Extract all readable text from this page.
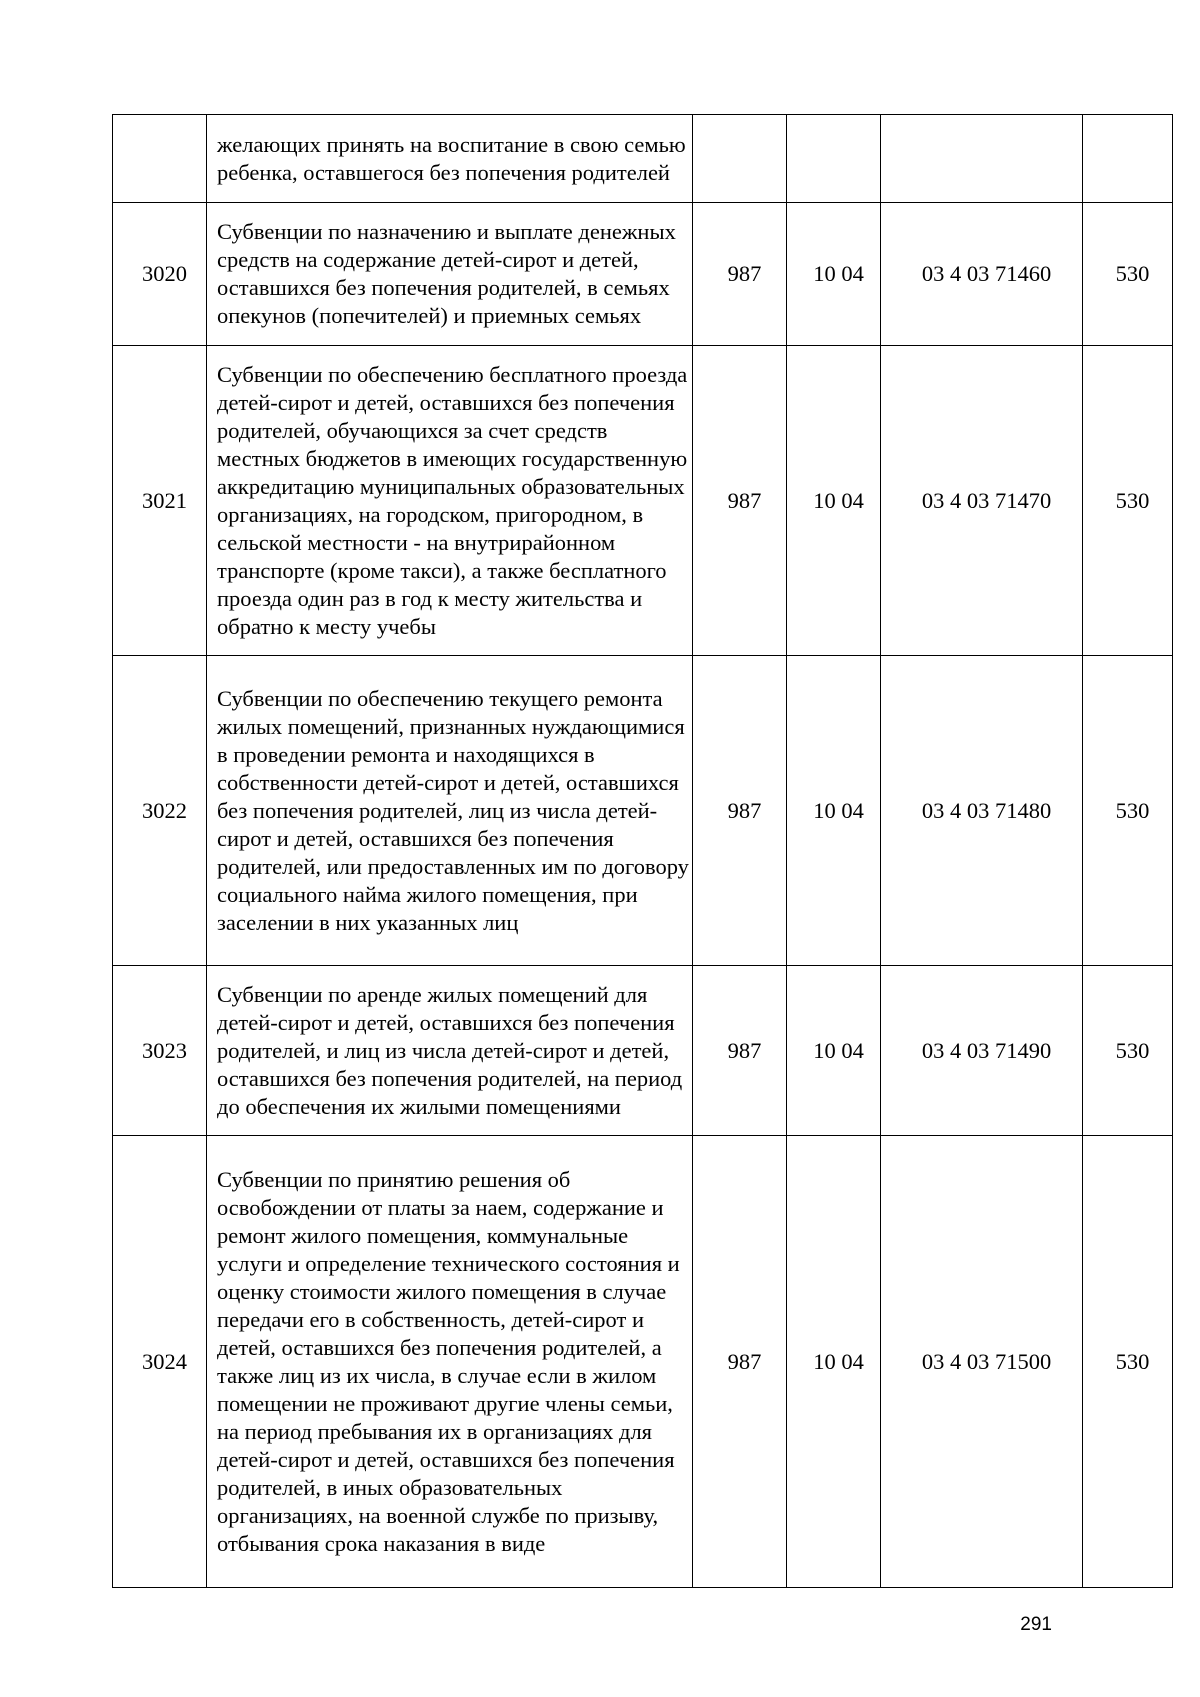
	желающих принять на воспитание в свою семью ребенка, оставшегося без попечения родителей				
3020	Субвенции по назначению и выплате денежных средств на содержание детей-сирот и детей, оставшихся без попечения родителей, в семьях опекунов (попечителей) и приемных семьях	987	10 04	03 4 03 71460	530
3021	Субвенции по обеспечению бесплатного проезда детей-сирот и детей, оставшихся без попечения родителей, обучающихся за счет средств местных бюджетов в имеющих государственную аккредитацию муниципальных образовательных организациях, на городском, пригородном, в сельской местности - на внутрирайонном транспорте (кроме такси), а также бесплатного проезда один раз в год к месту жительства и обратно к месту учебы	987	10 04	03 4 03 71470	530
3022	Субвенции по обеспечению текущего ремонта жилых помещений, признанных нуждающимися в проведении ремонта и находящихся в собственности детей-сирот и детей, оставшихся без попечения родителей, лиц из числа детей-сирот и детей, оставшихся без попечения родителей, или предоставленных им по договору социального найма жилого помещения, при заселении в них указанных лиц	987	10 04	03 4 03 71480	530
3023	Субвенции по аренде жилых помещений для детей-сирот и детей, оставшихся без попечения родителей, и лиц из числа детей-сирот и детей, оставшихся без попечения родителей, на период до обеспечения их жилыми помещениями	987	10 04	03 4 03 71490	530
3024	Субвенции по принятию решения об освобождении от платы за наем, содержание и ремонт жилого помещения, коммунальные услуги и определение технического состояния и оценку стоимости жилого помещения в случае передачи его в собственность, детей-сирот и детей, оставшихся без попечения родителей, а также лиц из их числа, в случае если в жилом помещении не проживают другие члены семьи, на период пребывания их в организациях для детей-сирот и детей, оставшихся без попечения родителей, в иных образовательных организациях, на военной службе по призыву, отбывания срока наказания в виде	987	10 04	03 4 03 71500	530
291
